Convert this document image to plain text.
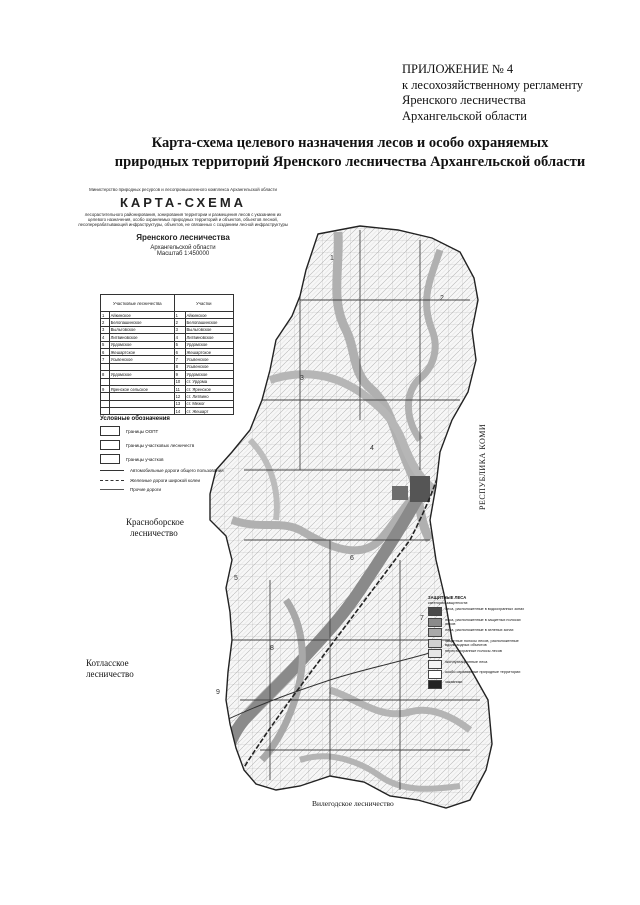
ПРИЛОЖЕНИЕ № 4
к лесохозяйственному регламенту
Яренского лесничества
Архангельской области
Карта-схема целевого назначения лесов и особо охраняемых
природных территорий Яренского лесничества Архангельской области
1
2
3
4
5
6
7
8
9
Министерство природных ресурсов и лесопромышленного комплекса Архангельской области
КАРТА-СХЕМА
лесорастительного районирования, зонирования территории и размещения лесов с указанием их целевого назначения, особо охраняемых природных территорий и объектов, объектов лесной, лесоперерабатывающей инфраструктуры, объектов, не связанных с созданием лесной инфраструктуры
Яренского лесничества
Архангельской области
Масштаб 1:450000
Участковые лесничества		Участки	
1	Айкинское	1	Айкинское
2	Белопашинское	2	Белопашинское
3	Выльговское	3	Выльговское
4	Литвиновское	4	Литвиновское
5	Урдомское	5	Урдомское
6	Жешартское	6	Жешартское
7	Усьвенское	7	Усьвенское
		8	Усьвенское
8	Урдомское	9	Урдомское
		10	ст. Урдома
9	Яренское сельское	11	ст. Яренское
		12	ст. Литвино
		13	ст. Межог
		14	ст. Жешарт
Условные обозначения
Границы ООПТ
Границы участковых лесничеств
Границы участков
Автомобильные дороги общего пользования
Железные дороги широкой колеи
Прочие дороги
ЗАЩИТНЫЕ ЛЕСА
категории защитности:
леса, расположенные в водоохранных зонах
леса, расположенные в защитных полосах лесов
леса, расположенные в зеленых зонах
защитные полосы лесов, расположенные вдоль водных объектов
нерестоохранные полосы лесов
эксплуатационные леса
особо охраняемые природные территории
заказники
Красноборское
лесничество
Котласское
лесничество
Вилегодское лесничество
РЕСПУБЛИКА КОМИ
